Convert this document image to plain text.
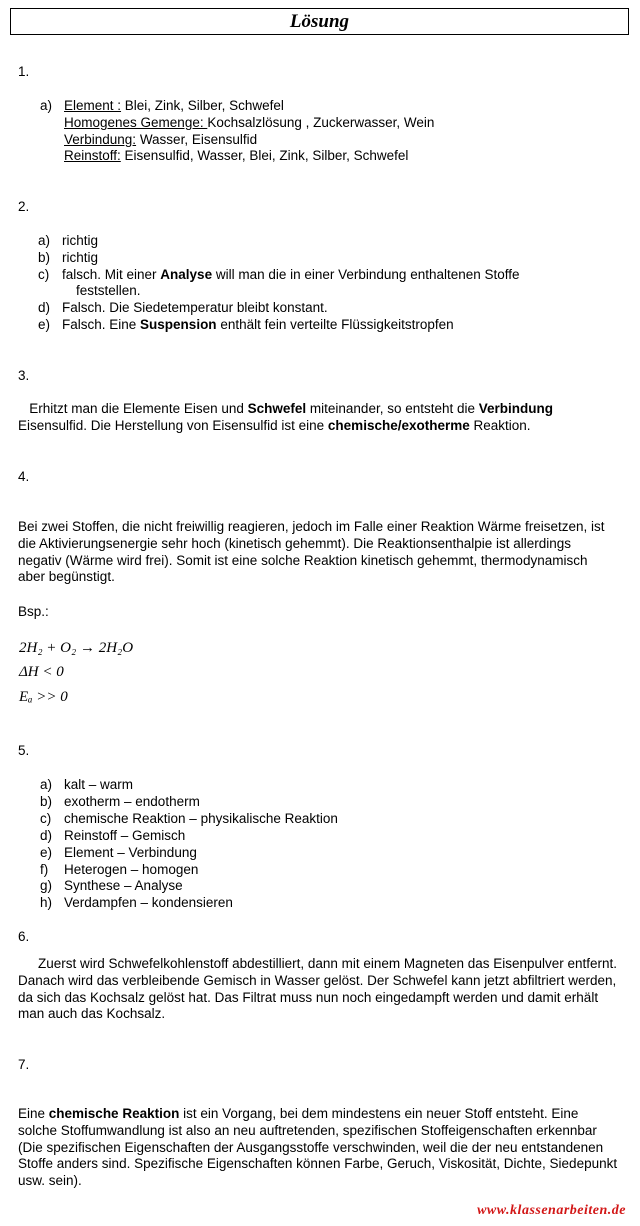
Lösung
1.
a) Element : Blei, Zink, Silber, Schwefel
Homogenes Gemenge: Kochsalzlösung , Zuckerwasser, Wein
Verbindung: Wasser, Eisensulfid
Reinstoff: Eisensulfid, Wasser, Blei, Zink, Silber, Schwefel
2.
a) richtig
b) richtig
c) falsch. Mit einer Analyse will man die in einer Verbindung enthaltenen Stoffe
feststellen.
d) Falsch. Die Siedetemperatur bleibt konstant.
e) Falsch. Eine Suspension enthält fein verteilte Flüssigkeitstropfen
3.
Erhitzt man die Elemente Eisen und Schwefel miteinander, so entsteht die Verbindung
Eisensulfid. Die Herstellung von Eisensulfid ist eine chemische/exotherme Reaktion.
4.
Bei zwei Stoffen, die nicht freiwillig reagieren, jedoch im Falle einer Reaktion Wärme freisetzen, ist die Aktivierungsenergie sehr hoch (kinetisch gehemmt). Die Reaktionsenthalpie ist allerdings negativ (Wärme wird frei). Somit ist eine solche Reaktion kinetisch gehemmt, thermodynamisch aber begünstigt.
Bsp.:
2H₂ + O₂ → 2H₂O
ΔH < 0
Eₐ >> 0
5.
a) kalt – warm
b) exotherm – endotherm
c) chemische Reaktion – physikalische Reaktion
d) Reinstoff – Gemisch
e) Element – Verbindung
f) Heterogen – homogen
g) Synthese – Analyse
h) Verdampfen – kondensieren
6.
Zuerst wird Schwefelkohlenstoff abdestilliert, dann mit einem Magneten das Eisenpulver entfernt. Danach wird das verbleibende Gemisch in Wasser gelöst. Der Schwefel kann jetzt abfiltriert werden, da sich das Kochsalz gelöst hat. Das Filtrat muss nun noch eingedampft werden und damit erhält man auch das Kochsalz.
7.
Eine chemische Reaktion ist ein Vorgang, bei dem mindestens ein neuer Stoff entsteht. Eine solche Stoffumwandlung ist also an neu auftretenden, spezifischen Stoffeigenschaften erkennbar (Die spezifischen Eigenschaften der Ausgangsstoffe verschwinden, weil die der neu entstandenen Stoffe anders sind. Spezifische Eigenschaften können Farbe, Geruch, Viskosität, Dichte, Siedepunkt usw. sein).
www.klassenarbeiten.de
